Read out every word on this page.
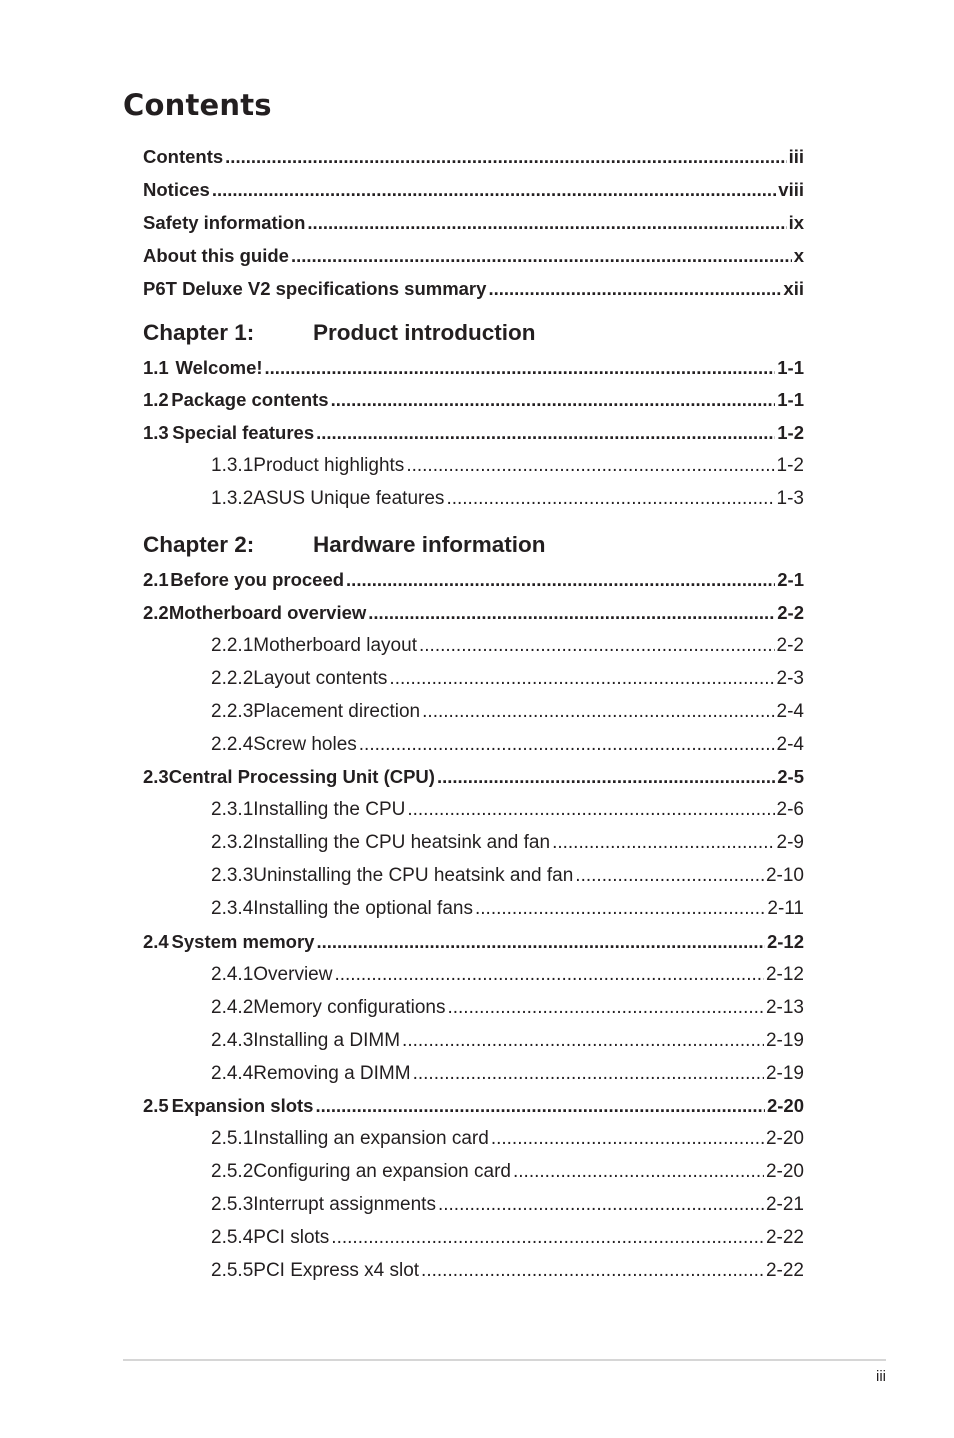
Contents
Contents .....	iii
Notices .....	viii
Safety information .....	ix
About this guide .....	x
P6T Deluxe V2 specifications summary .....	xii
Chapter 1:	Product introduction
1.1 Welcome! .....	1-1
1.2 Package contents .....	1-1
1.3 Special features .....	1-2
1.3.1 Product highlights .....	1-2
1.3.2 ASUS Unique features .....	1-3
Chapter 2:	Hardware information
2.1 Before you proceed .....	2-1
2.2 Motherboard overview .....	2-2
2.2.1 Motherboard layout .....	2-2
2.2.2 Layout contents .....	2-3
2.2.3 Placement direction .....	2-4
2.2.4 Screw holes .....	2-4
2.3 Central Processing Unit (CPU) .....	2-5
2.3.1 Installing the CPU .....	2-6
2.3.2 Installing the CPU heatsink and fan .....	2-9
2.3.3 Uninstalling the CPU heatsink and fan .....	2-10
2.3.4 Installing the optional fans .....	2-11
2.4 System memory .....	2-12
2.4.1 Overview .....	2-12
2.4.2 Memory configurations .....	2-13
2.4.3 Installing a DIMM .....	2-19
2.4.4 Removing a DIMM .....	2-19
2.5 Expansion slots .....	2-20
2.5.1 Installing an expansion card .....	2-20
2.5.2 Configuring an expansion card .....	2-20
2.5.3 Interrupt assignments .....	2-21
2.5.4 PCI slots .....	2-22
2.5.5 PCI Express x4 slot .....	2-22
iii
